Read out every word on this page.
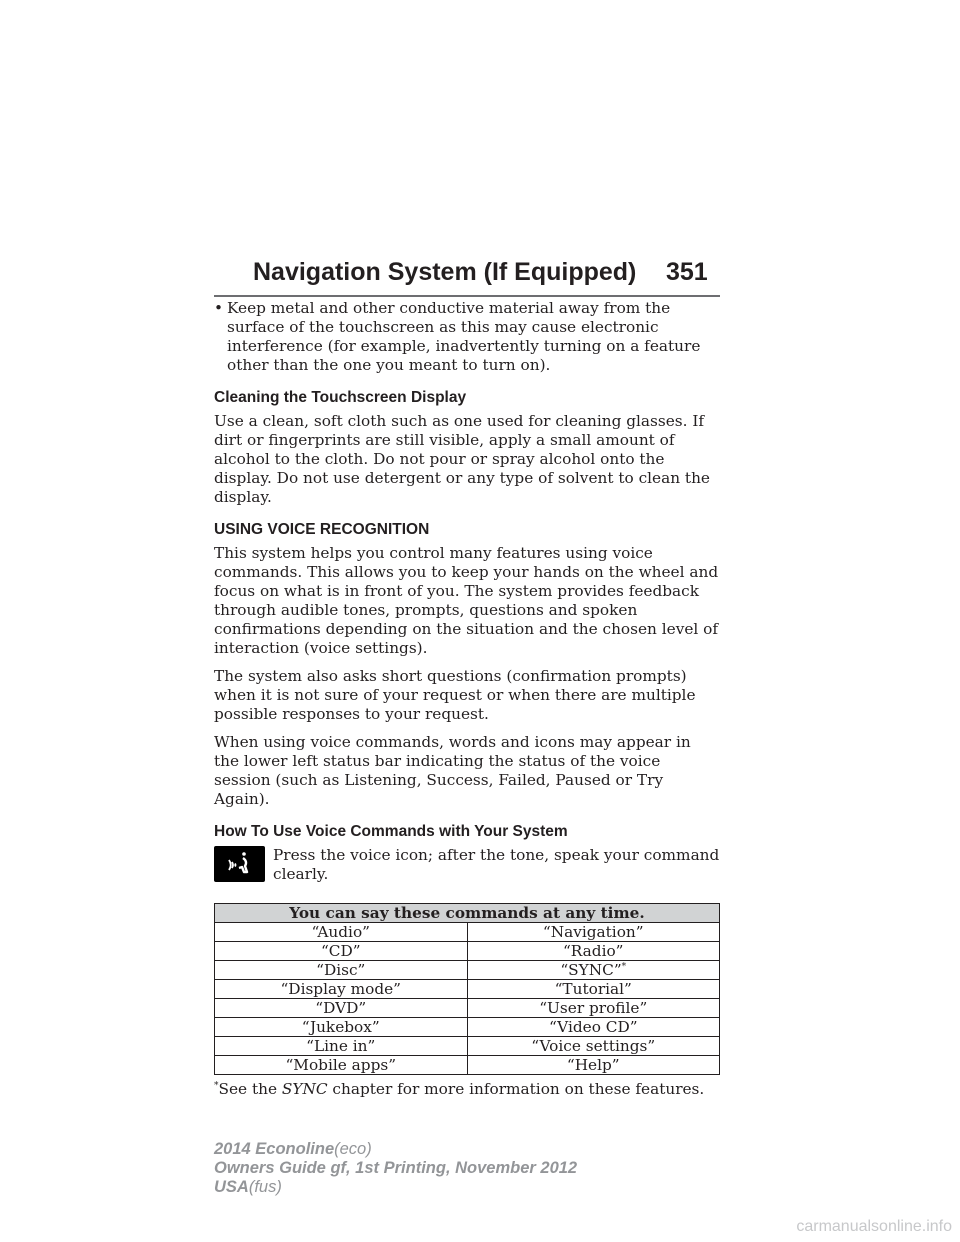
Navigation System (If Equipped) 351
• Keep metal and other conductive material away from the surface of the touchscreen as this may cause electronic interference (for example, inadvertently turning on a feature other than the one you meant to turn on).
Cleaning the Touchscreen Display

Use a clean, soft cloth such as one used for cleaning glasses. If dirt or fingerprints are still visible, apply a small amount of alcohol to the cloth. Do not pour or spray alcohol onto the display. Do not use detergent or any type of solvent to clean the display.

USING VOICE RECOGNITION

This system helps you control many features using voice commands. This allows you to keep your hands on the wheel and focus on what is in front of you. The system provides feedback through audible tones, prompts, questions and spoken confirmations depending on the situation and the chosen level of interaction (voice settings).

The system also asks short questions (confirmation prompts) when it is not sure of your request or when there are multiple possible responses to your request.

When using voice commands, words and icons may appear in the lower left status bar indicating the status of the voice session (such as Listening, Success, Failed, Paused or Try Again).

How To Use Voice Commands with Your System
Press the voice icon; after the tone, speak your command clearly.
You can say these commands at any time.	
“Audio”	“Navigation”
“CD”	“Radio”
“Disc”	“SYNC”*
“Display mode”	“Tutorial”
“DVD”	“User profile”
“Jukebox”	“Video CD”
“Line in”	“Voice settings”
“Mobile apps”	“Help”
*See the SYNC chapter for more information on these features.
2014 Econoline(eco)
Owners Guide gf, 1st Printing, November 2012
USA(fus)
carmanualsonline.info
